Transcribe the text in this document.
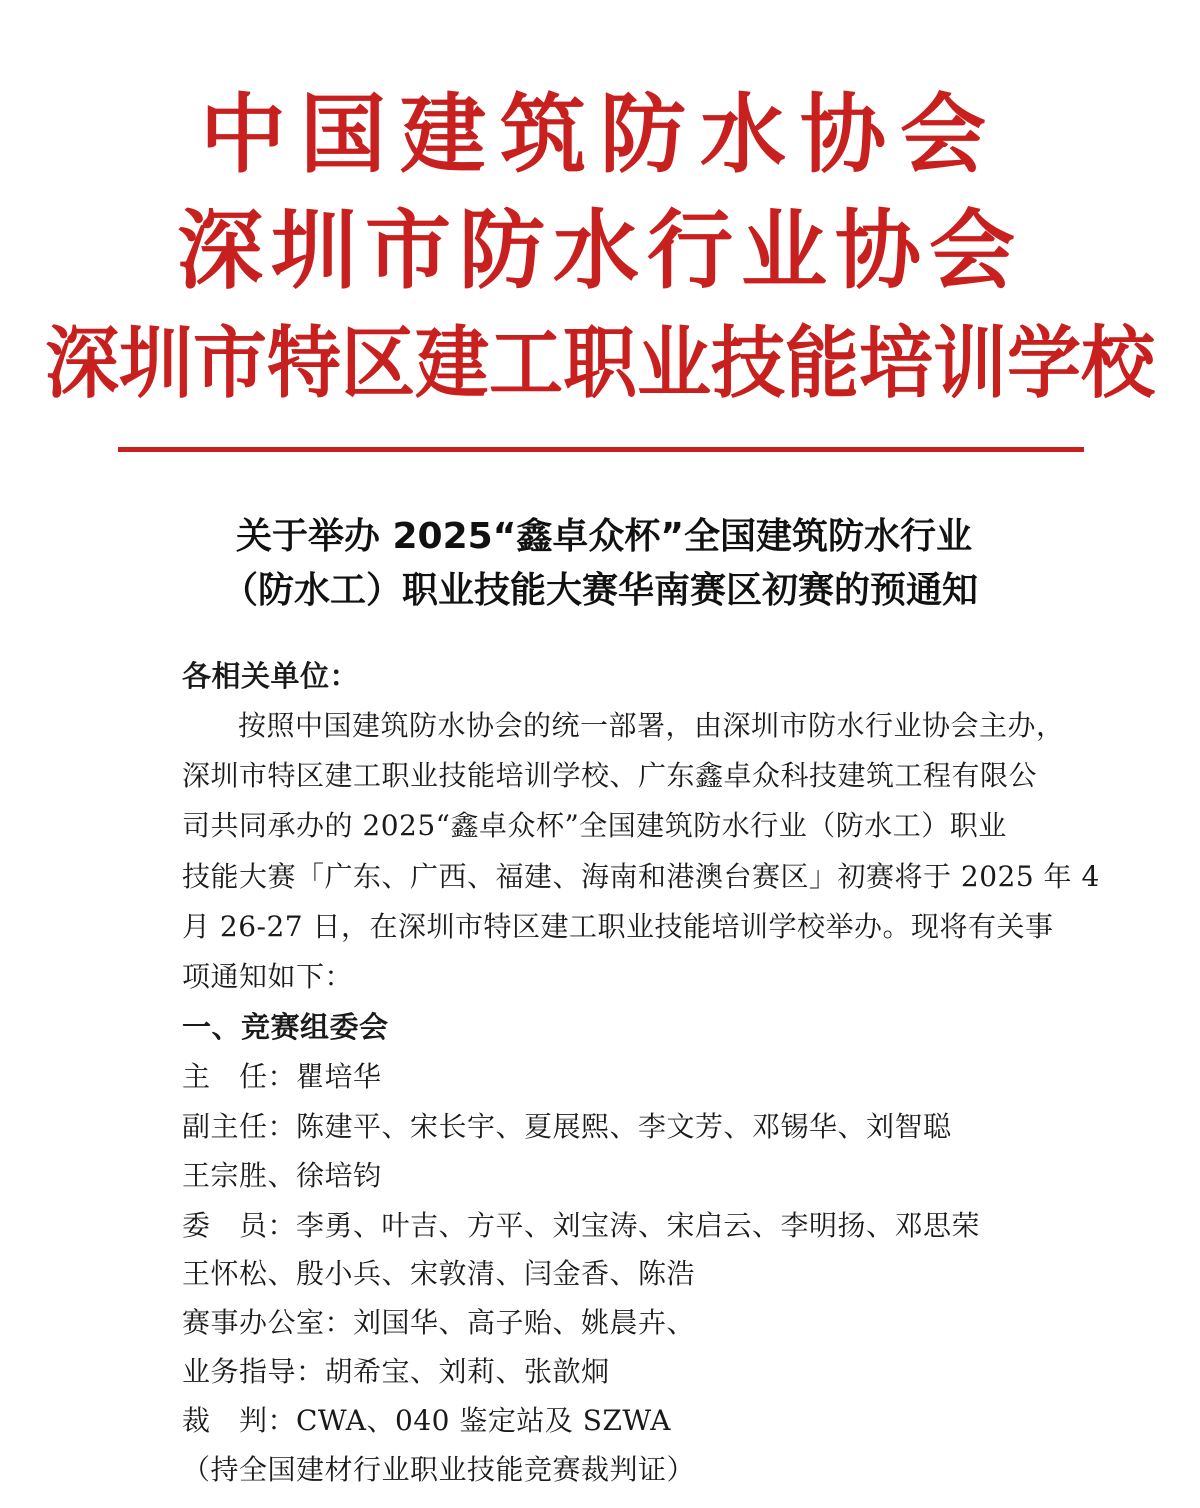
中国建筑防水协会
深圳市防水行业协会
深圳市特区建工职业技能培训学校
关于举办 2025“鑫卓众杯”全国建筑防水行业
（防水工）职业技能大赛华南赛区初赛的预通知
各相关单位：
按照中国建筑防水协会的统一部署，由深圳市防水行业协会主办，
深圳市特区建工职业技能培训学校、广东鑫卓众科技建筑工程有限公
司共同承办的 2025“鑫卓众杯”全国建筑防水行业（防水工）职业
技能大赛「广东、广西、福建、海南和港澳台赛区」初赛将于 2025 年 4
月 26-27 日，在深圳市特区建工职业技能培训学校举办。现将有关事
项通知如下：
一、竞赛组委会
主　任：瞿培华
副主任：陈建平、宋长宇、夏展熙、李文芳、邓锡华、刘智聪
王宗胜、徐培钧
委　员：李勇、叶吉、方平、刘宝涛、宋启云、李明扬、邓思荣
王怀松、殷小兵、宋敦清、闫金香、陈浩
赛事办公室：刘国华、高子贻、姚晨卉、
业务指导：胡希宝、刘莉、张歆炯
裁　判：CWA、040 鉴定站及 SZWA
（持全国建材行业职业技能竞赛裁判证）
